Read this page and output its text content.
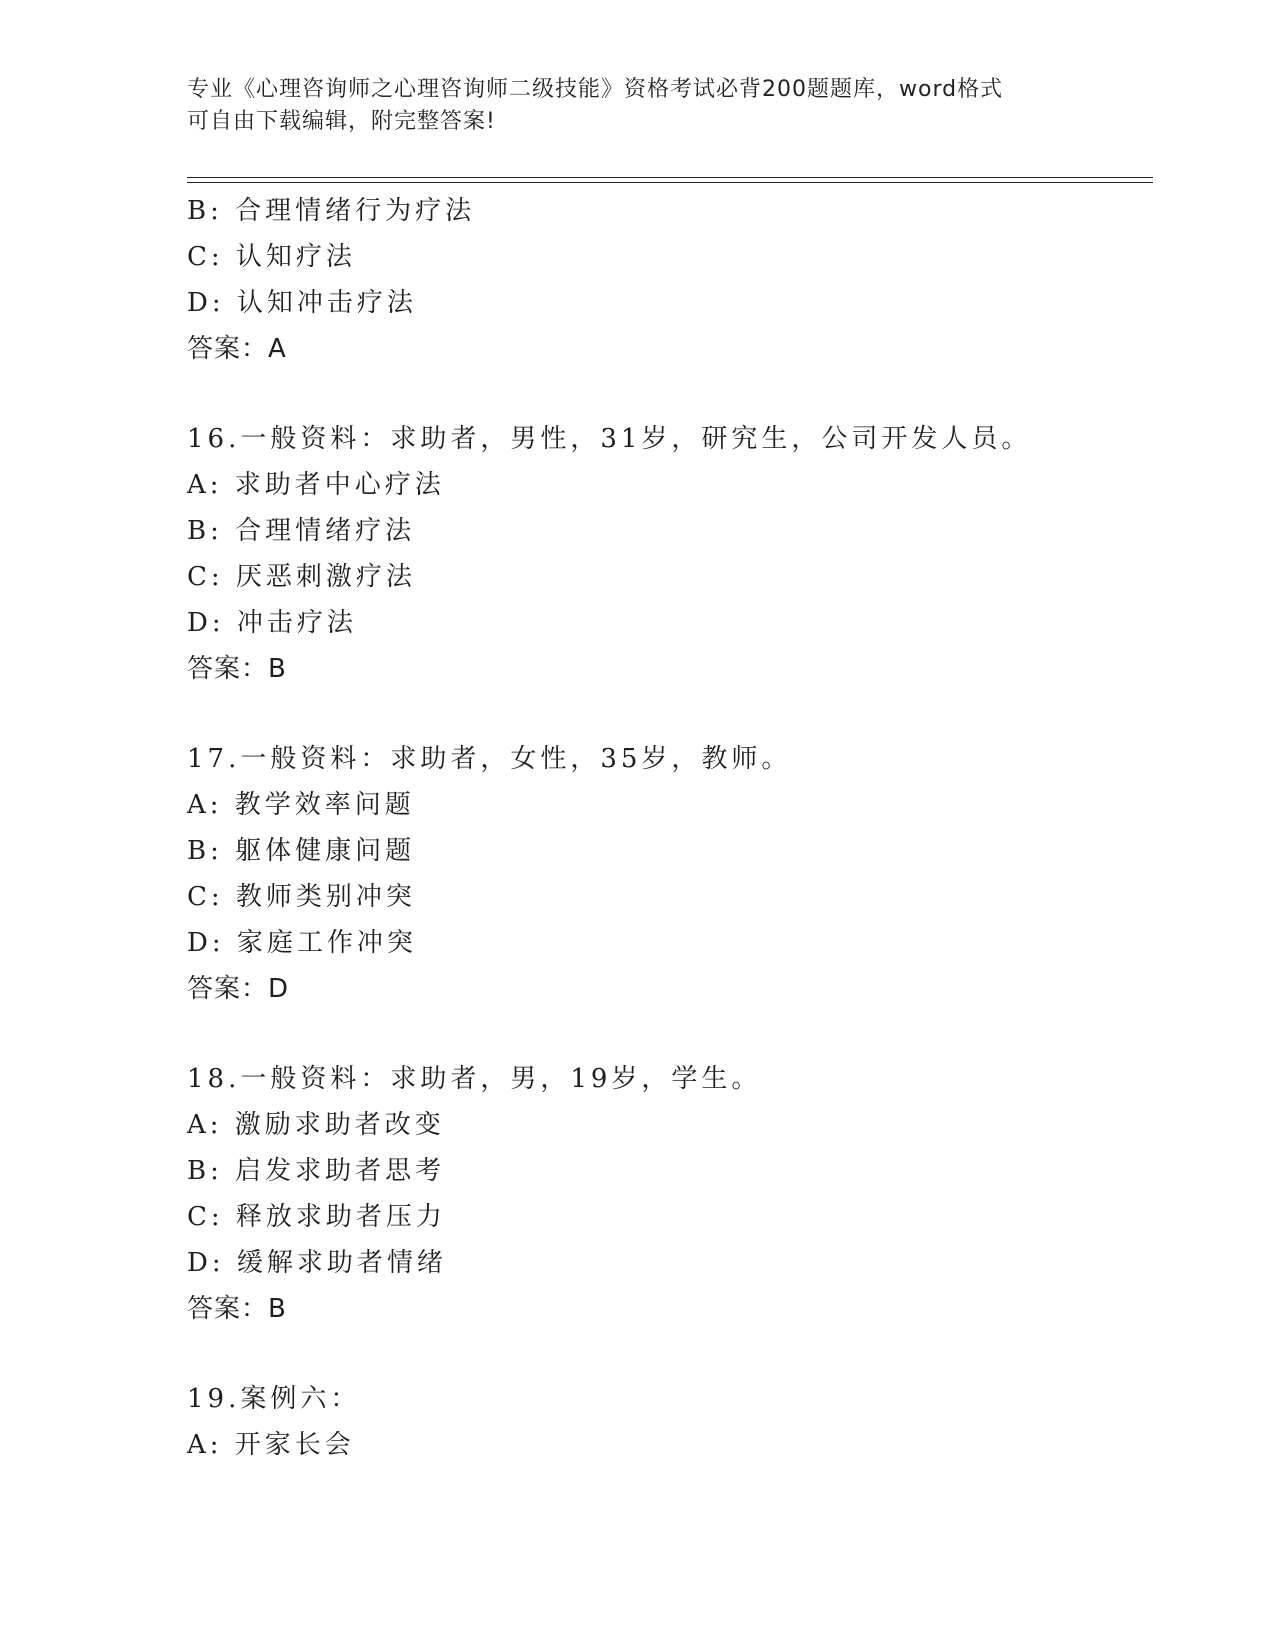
专业《心理咨询师之心理咨询师二级技能》资格考试必背200题题库，word格式
可自由下载编辑，附完整答案!
B: 合理情绪行为疗法
C: 认知疗法
D: 认知冲击疗法
答案：A
16.一般资料：求助者，男性，31岁，研究生，公司开发人员。
A: 求助者中心疗法
B: 合理情绪疗法
C: 厌恶刺激疗法
D: 冲击疗法
答案：B
17.一般资料：求助者，女性，35岁，教师。
A: 教学效率问题
B: 躯体健康问题
C: 教师类别冲突
D: 家庭工作冲突
答案：D
18.一般资料：求助者，男，19岁，学生。
A: 激励求助者改变
B: 启发求助者思考
C: 释放求助者压力
D: 缓解求助者情绪
答案：B
19.案例六：
A: 开家长会
